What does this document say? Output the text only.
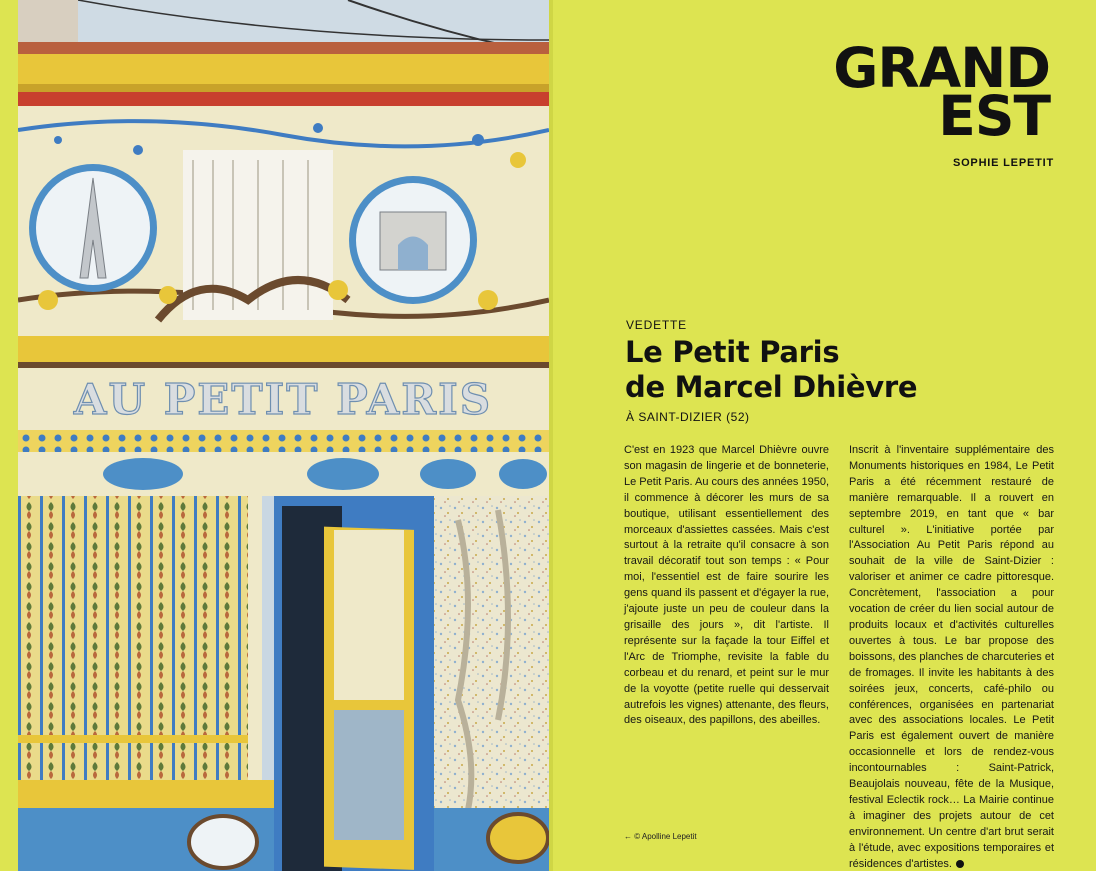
AU PETIT PARIS
GRAND
EST
SOPHIE LEPETIT
VEDETTE
Le Petit Paris
de Marcel Dhièvre
À SAINT-DIZIER (52)

C'est en 1923 que Marcel Dhièvre ouvre son magasin de lingerie et de bonneterie, Le Petit Paris. Au cours des années 1950, il commence à décorer les murs de sa boutique, utilisant essentiellement des morceaux d'assiettes cassées. Mais c'est surtout à la retraite qu'il consacre à son travail décoratif tout son temps : « Pour moi, l'essentiel est de faire sourire les gens quand ils passent et d'égayer la rue, j'ajoute juste un peu de couleur dans la grisaille des jours », dit l'artiste. Il représente sur la façade la tour Eiffel et l'Arc de Triomphe, revisite la fable du corbeau et du renard, et peint sur le mur de la voyotte (petite ruelle qui desservait autrefois les vignes) attenante, des fleurs, des oiseaux, des papillons, des abeilles.

Inscrit à l'inventaire supplémentaire des Monuments historiques en 1984, Le Petit Paris a été récemment restauré de manière remarquable. Il a rouvert en septembre 2019, en tant que « bar culturel ». L'initiative portée par l'Association Au Petit Paris répond au souhait de la ville de Saint-Dizier : valoriser et animer ce cadre pittoresque. Concrètement, l'association a pour vocation de créer du lien social autour de produits locaux et d'activités culturelles ouvertes à tous. Le bar propose des boissons, des planches de charcuteries et de fromages. Il invite les habitants à des soirées jeux, concerts, café-philo ou conférences, organisées en partenariat avec des associations locales. Le Petit Paris est également ouvert de manière occasionnelle et lors de rendez-vous incontournables : Saint-Patrick, Beaujolais nouveau, fête de la Musique, festival Eclectik rock… La Mairie continue à imaginer des projets autour de cet environnement. Un centre d'art brut serait à l'étude, avec expositions temporaires et résidences d'artistes.

← © Apolline Lepetit
